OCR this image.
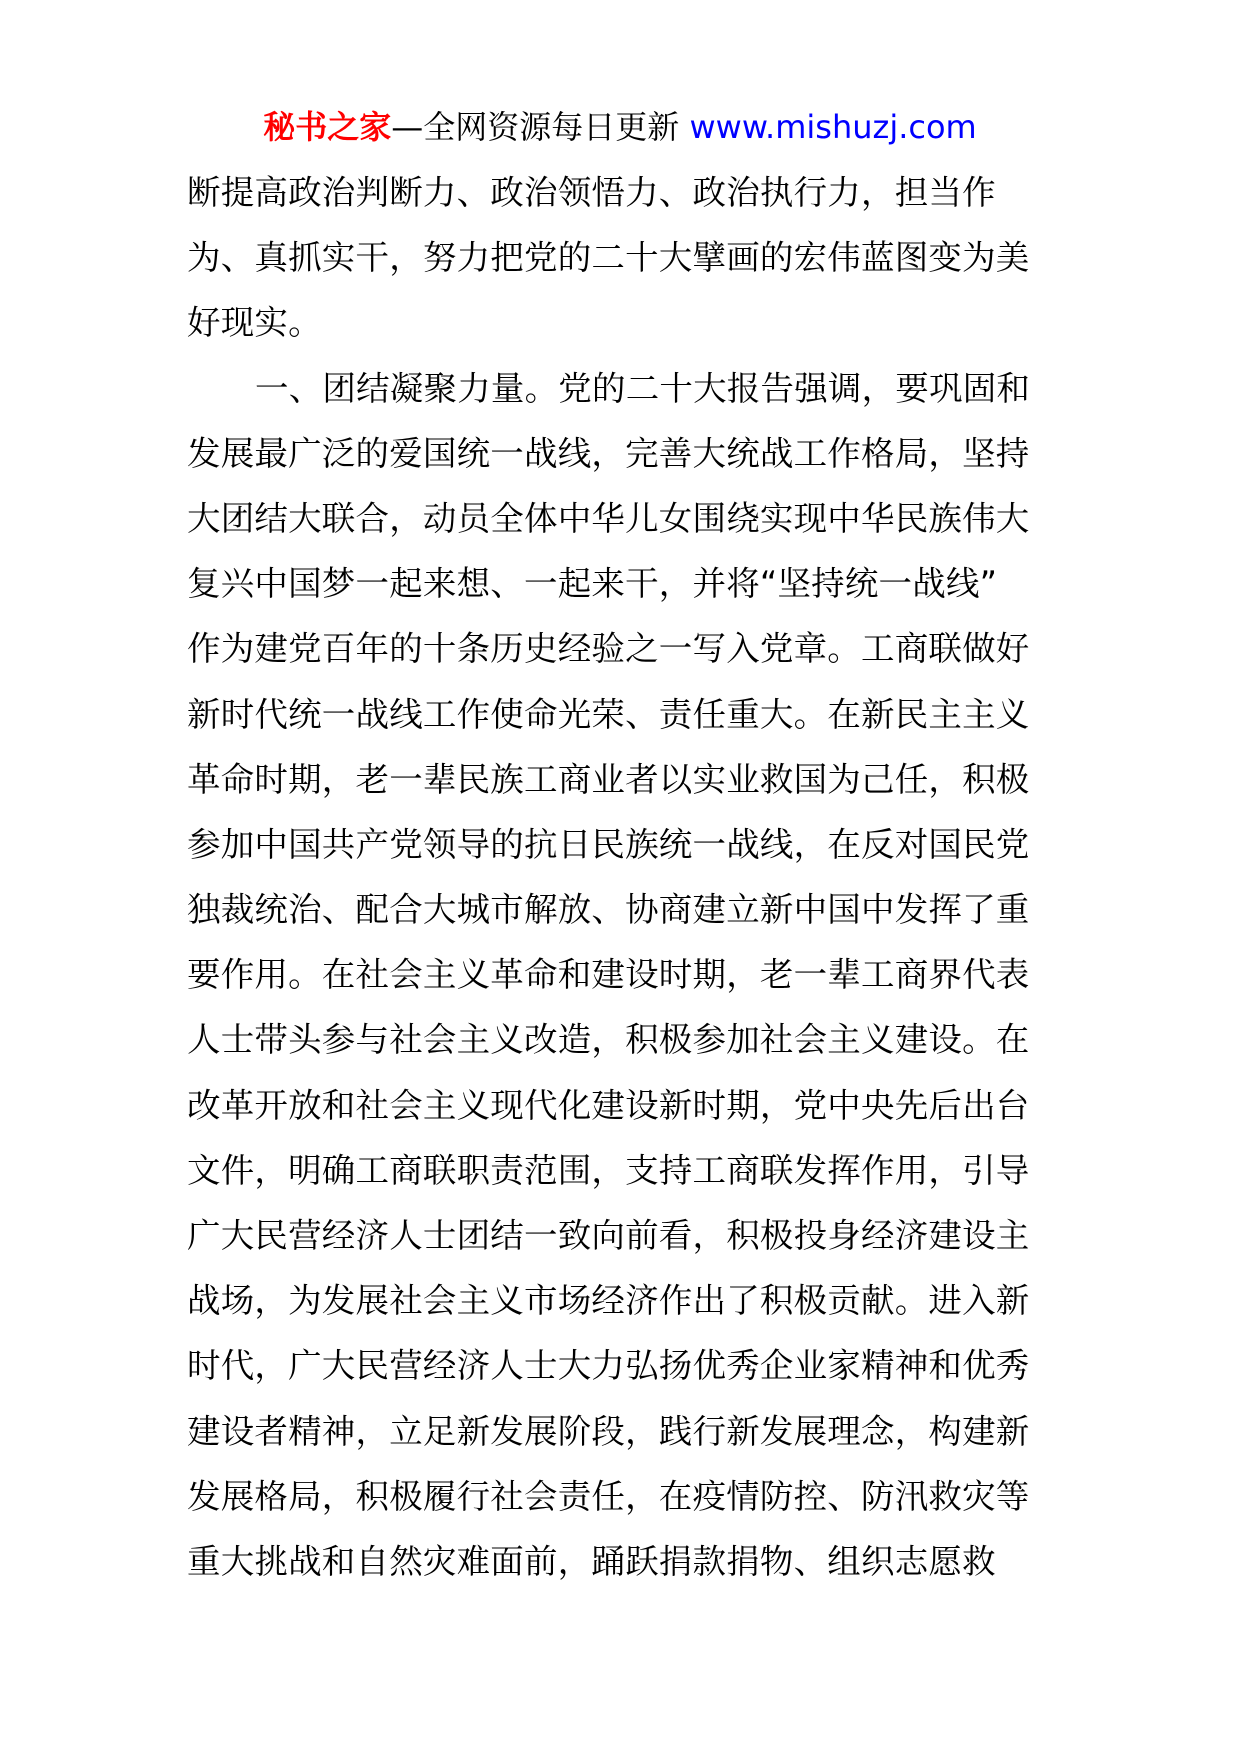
秘书之家—全网资源每日更新 www.mishuzj.com
断提高政治判断力、政治领悟力、政治执行力，担当作
为、真抓实干，努力把党的二十大擘画的宏伟蓝图变为美
好现实。
一、团结凝聚力量。党的二十大报告强调，要巩固和
发展最广泛的爱国统一战线，完善大统战工作格局，坚持
大团结大联合，动员全体中华儿女围绕实现中华民族伟大
复兴中国梦一起来想、一起来干，并将“坚持统一战线”
作为建党百年的十条历史经验之一写入党章。工商联做好
新时代统一战线工作使命光荣、责任重大。在新民主主义
革命时期，老一辈民族工商业者以实业救国为己任，积极
参加中国共产党领导的抗日民族统一战线，在反对国民党
独裁统治、配合大城市解放、协商建立新中国中发挥了重
要作用。在社会主义革命和建设时期，老一辈工商界代表
人士带头参与社会主义改造，积极参加社会主义建设。在
改革开放和社会主义现代化建设新时期，党中央先后出台
文件，明确工商联职责范围，支持工商联发挥作用，引导
广大民营经济人士团结一致向前看，积极投身经济建设主
战场，为发展社会主义市场经济作出了积极贡献。进入新
时代，广大民营经济人士大力弘扬优秀企业家精神和优秀
建设者精神，立足新发展阶段，践行新发展理念，构建新
发展格局，积极履行社会责任，在疫情防控、防汛救灾等
重大挑战和自然灾难面前，踊跃捐款捐物、组织志愿救
